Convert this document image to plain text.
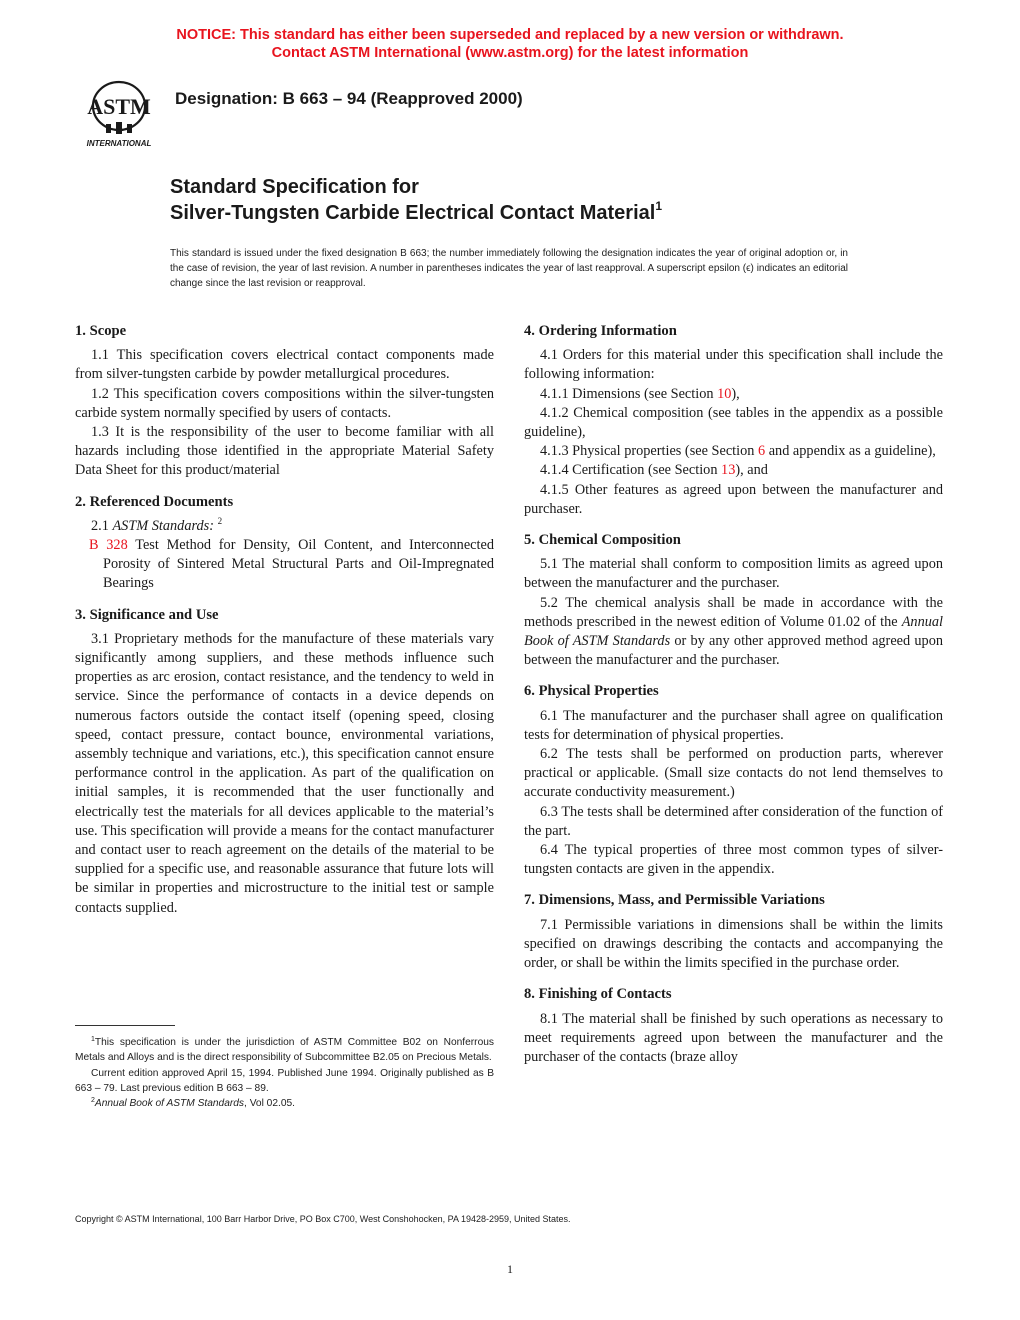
NOTICE: This standard has either been superseded and replaced by a new version or withdrawn.
Contact ASTM International (www.astm.org) for the latest information
ASTM
INTERNATIONAL
Designation: B 663 – 94 (Reapproved 2000)
Standard Specification for
Silver-Tungsten Carbide Electrical Contact Material$^1$
This standard is issued under the fixed designation B 663; the number immediately following the designation indicates the year of original adoption or, in the case of revision, the year of last revision. A number in parentheses indicates the year of last reapproval. A superscript epsilon (ϵ) indicates an editorial change since the last revision or reapproval.
1. Scope

1.1 This specification covers electrical contact components made from silver-tungsten carbide by powder metallurgical procedures.

1.2 This specification covers compositions within the silver-tungsten carbide system normally specified by users of contacts.

1.3 It is the responsibility of the user to become familiar with all hazards including those identified in the appropriate Material Safety Data Sheet for this product/material

2. Referenced Documents

2.1 ASTM Standards: $^2$

B 328 Test Method for Density, Oil Content, and Interconnected Porosity of Sintered Metal Structural Parts and Oil-Impregnated Bearings

3. Significance and Use

3.1 Proprietary methods for the manufacture of these materials vary significantly among suppliers, and these methods influence such properties as arc erosion, contact resistance, and the tendency to weld in service. Since the performance of contacts in a device depends on numerous factors outside the contact itself (opening speed, closing speed, contact pressure, contact bounce, environmental variations, assembly technique and variations, etc.), this specification cannot ensure performance control in the application. As part of the qualification on initial samples, it is recommended that the user functionally and electrically test the materials for all devices applicable to the material’s use. This specification will provide a means for the contact manufacturer and contact user to reach agreement on the details of the material to be supplied for a specific use, and reasonable assurance that future lots will be similar in properties and microstructure to the initial test or sample contacts supplied.

4. Ordering Information

4.1 Orders for this material under this specification shall include the following information:

4.1.1 Dimensions (see Section 10),

4.1.2 Chemical composition (see tables in the appendix as a possible guideline),

4.1.3 Physical properties (see Section 6 and appendix as a guideline),

4.1.4 Certification (see Section 13), and

4.1.5 Other features as agreed upon between the manufacturer and purchaser.

5. Chemical Composition

5.1 The material shall conform to composition limits as agreed upon between the manufacturer and the purchaser.

5.2 The chemical analysis shall be made in accordance with the methods prescribed in the newest edition of Volume 01.02 of the Annual Book of ASTM Standards or by any other approved method agreed upon between the manufacturer and the purchaser.

6. Physical Properties

6.1 The manufacturer and the purchaser shall agree on qualification tests for determination of physical properties.

6.2 The tests shall be performed on production parts, wherever practical or applicable. (Small size contacts do not lend themselves to accurate conductivity measurement.)

6.3 The tests shall be determined after consideration of the function of the part.

6.4 The typical properties of three most common types of silver-tungsten contacts are given in the appendix.

7. Dimensions, Mass, and Permissible Variations

7.1 Permissible variations in dimensions shall be within the limits specified on drawings describing the contacts and accompanying the order, or shall be within the limits specified in the purchase order.

8. Finishing of Contacts

8.1 The material shall be finished by such operations as necessary to meet requirements agreed upon between the manufacturer and the purchaser of the contacts (braze alloy

$^1$This specification is under the jurisdiction of ASTM Committee B02 on Nonferrous Metals and Alloys and is the direct responsibility of Subcommittee B2.05 on Precious Metals.

Current edition approved April 15, 1994. Published June 1994. Originally published as B 663 – 79. Last previous edition B 663 – 89.

$^2$Annual Book of ASTM Standards, Vol 02.05.

Copyright © ASTM International, 100 Barr Harbor Drive, PO Box C700, West Conshohocken, PA 19428-2959, United States.
1
